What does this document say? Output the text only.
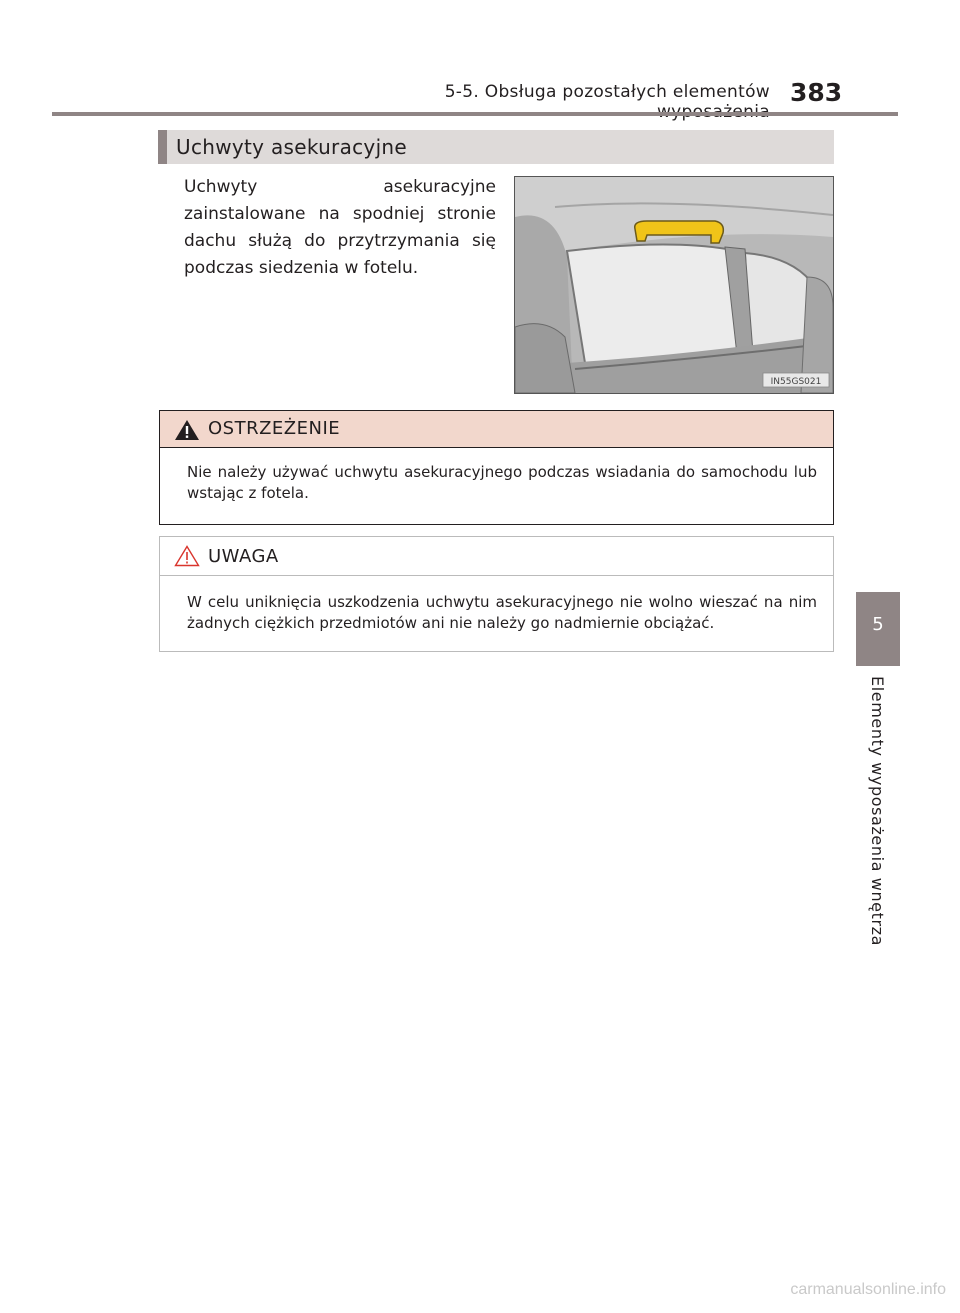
5-5. Obsługa pozostałych elementów 383
Uchwyty asekuracyjne
Uchwyty asekuracyjne zainstalowane na spodniej stronie dachu służą do przytrzymania się podczas siedzenia w fotelu.
IN55GS021
OSTRZEŻENIE
Nie należy używać uchwytu asekuracyjnego podczas wsiadania do samochodu lub wstając z fotela.
UWAGA
W celu uniknięcia uszkodzenia uchwytu asekuracyjnego nie wolno wieszać na nim żadnych ciężkich przedmiotów ani nie należy go nadmiernie obciążać.	5
Elementy wyposażenia wnętrza
carmanualsonline.info
